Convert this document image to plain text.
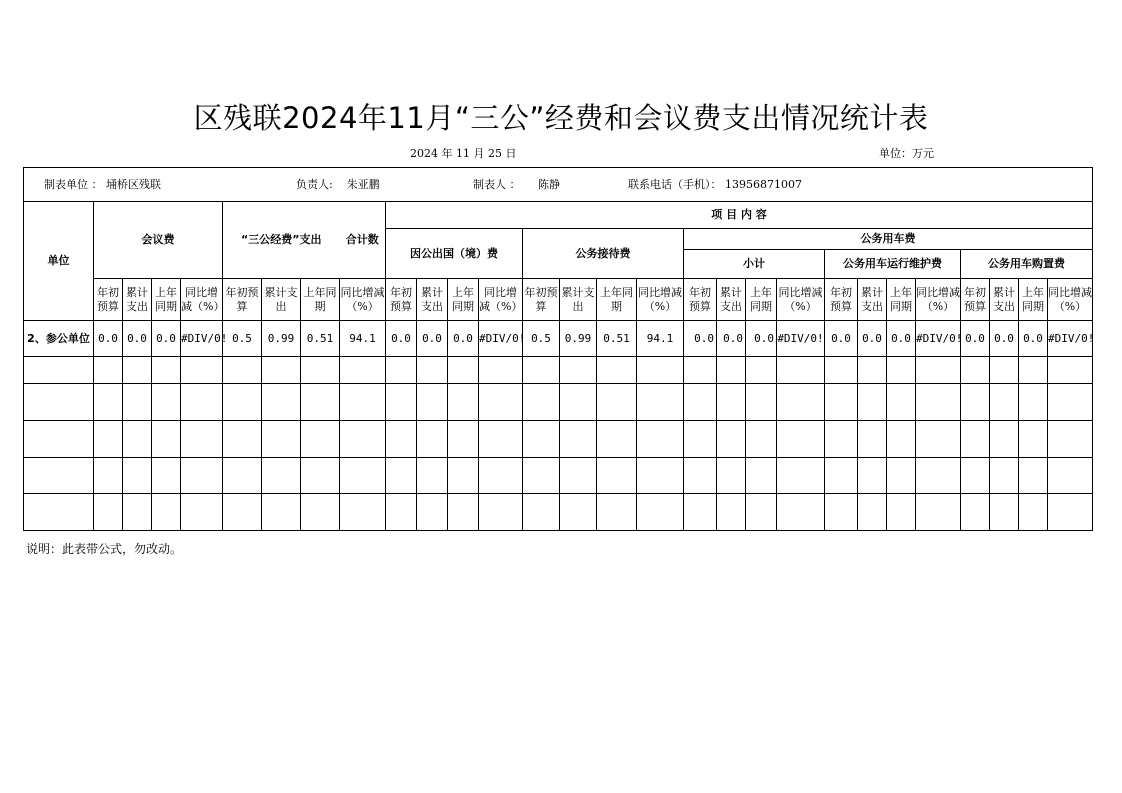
区残联2024年11月“三公”经费和会议费支出情况统计表
2024 年 11 月 25 日	单位：万元
制表单位 ： 埇桥区残联 负责人: 朱亚鹏 制表人 ： 陈静 联系电话（手机）： 13956871007																												
单位	会议费				“三公经费”支出			合计数	项 目 内 容																			
									因公出国（境）费				公务接待费				公务用车费											
																	小计				公务用车运行维护费				公务用车购置费			
	年初预算	累计支出	上年同期	同比增减（%）	年初预算	累计支出	上年同期	同比增减（%）	年初预算	累计支出	上年同期	同比增减（%）	年初预算	累计支出	上年同期	同比增减（%）	年初预算	累计支出	上年同期	同比增减（%）	年初预算	累计支出	上年同期	同比增减（%）	年初预算	累计支出	上年同期	同比增减（%）
2、参公单位	0.0	0.0	0.0	#DIV/0!	0.5	0.99	0.51	94.1	0.0	0.0	0.0	#DIV/0!	0.5	0.99	0.51	94.1	0.0	0.0	0.0	#DIV/0!	0.0	0.0	0.0	#DIV/0!	0.0	0.0	0.0	#DIV/0!

说明：此表带公式，勿改动。
